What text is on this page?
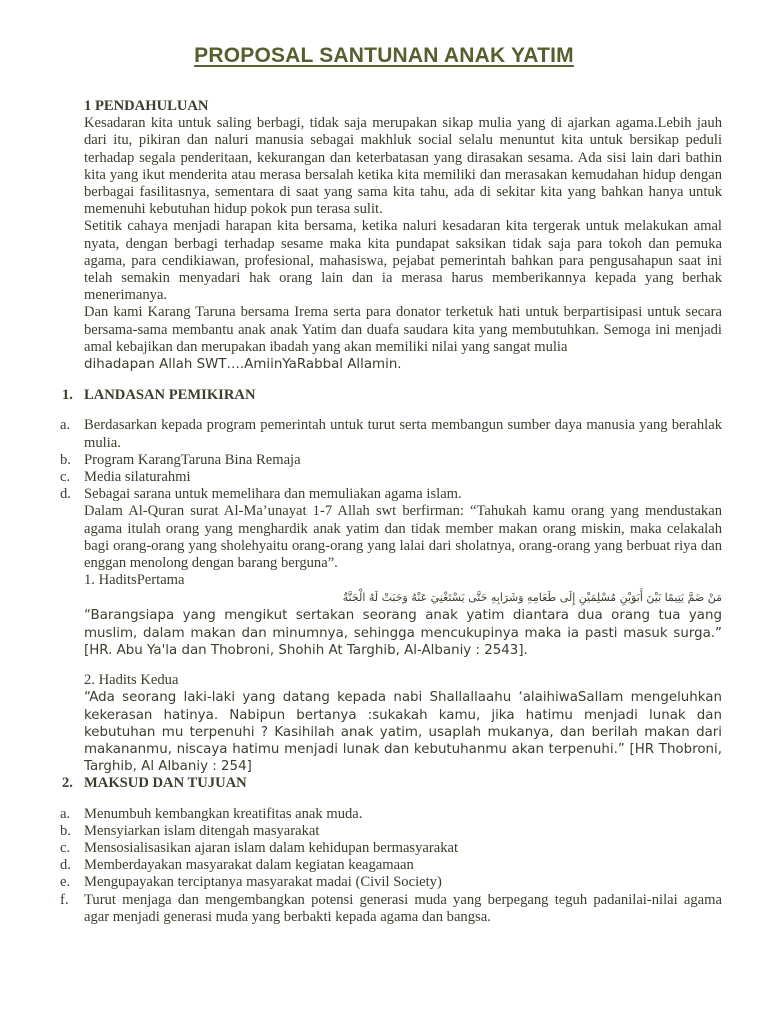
PROPOSAL SANTUNAN ANAK YATIM
1 PENDAHULUAN

Kesadaran kita untuk saling berbagi, tidak saja merupakan sikap mulia yang di ajarkan agama.Lebih jauh dari itu, pikiran dan naluri manusia sebagai makhluk social selalu menuntut kita untuk bersikap peduli terhadap segala penderitaan, kekurangan dan keterbatasan yang dirasakan sesama. Ada sisi lain dari bathin kita yang ikut menderita atau merasa bersalah ketika kita memiliki dan merasakan kemudahan hidup dengan berbagai fasilitasnya, sementara di saat yang sama kita tahu, ada di sekitar kita yang bahkan hanya untuk memenuhi kebutuhan hidup pokok pun terasa sulit.

Setitik cahaya menjadi harapan kita bersama, ketika naluri kesadaran kita tergerak untuk melakukan amal nyata, dengan berbagi terhadap sesame maka kita pundapat saksikan tidak saja para tokoh dan pemuka agama, para cendikiawan, profesional, mahasiswa, pejabat pemerintah bahkan para pengusahapun saat ini telah semakin menyadari hak orang lain dan ia merasa harus memberikannya kepada yang berhak menerimanya.

Dan kami Karang Taruna bersama Irema serta para donator terketuk hati untuk berpartisipasi untuk secara bersama-sama membantu anak anak Yatim dan duafa saudara kita yang membutuhkan. Semoga ini menjadi amal kebajikan dan merupakan ibadah yang akan memiliki nilai yang sangat mulia

dihadapan Allah SWT….AmiinYaRabbal Allamin.

1. LANDASAN PEMIKIRAN
a. Berdasarkan kepada program pemerintah untuk turut serta membangun sumber daya manusia yang berahlak mulia.
b. Program KarangTaruna Bina Remaja
c. Media silaturahmi
d. Sebagai sarana untuk memelihara dan memuliakan agama islam.

Dalam Al-Quran surat Al-Ma’unayat 1-7 Allah swt berfirman: “Tahukah kamu orang yang mendustakan agama itulah orang yang menghardik anak yatim dan tidak member makan orang miskin, maka celakalah bagi orang-orang yang sholehyaitu orang-orang yang lalai dari sholatnya, orang-orang yang berbuat riya dan enggan menolong dengan barang berguna”.

1. HaditsPertama
مَنْ ضَمَّ يَتِيمًا بَيْنَ أَبَوَيْنِ مُسْلِمَيْنِ إِلَى طَعَامِهِ وَشَرَابِهِ حَتَّى يَسْتَغْنِيَ عَنْهُ وَجَبَتْ لَهُ الْجَنَّةُ

“Barangsiapa yang mengikut sertakan seorang anak yatim diantara dua orang tua yang muslim, dalam makan dan minumnya, sehingga mencukupinya maka ia pasti masuk surga.” [HR. Abu Ya'la dan Thobroni, Shohih At Targhib, Al-Albaniy : 2543].

2. Hadits Kedua

“Ada seorang laki-laki yang datang kepada nabi Shallallaahu ‘alaihiwaSallam mengeluhkan kekerasan hatinya. Nabipun bertanya :sukakah kamu, jika hatimu menjadi lunak dan kebutuhan mu terpenuhi ? Kasihilah anak yatim, usaplah mukanya, dan berilah makan dari makananmu, niscaya hatimu menjadi lunak dan kebutuhanmu akan terpenuhi.” [HR Thobroni, Targhib, Al Albaniy : 254]

2. MAKSUD DAN TUJUAN
a. Menumbuh kembangkan kreatifitas anak muda.
b. Mensyiarkan islam ditengah masyarakat
c. Mensosialisasikan ajaran islam dalam kehidupan bermasyarakat
d. Memberdayakan masyarakat dalam kegiatan keagamaan
e. Mengupayakan terciptanya masyarakat madai (Civil Society)
f. Turut menjaga dan mengembangkan potensi generasi muda yang berpegang teguh padanilai-nilai agama agar menjadi generasi muda yang berbakti kepada agama dan bangsa.
